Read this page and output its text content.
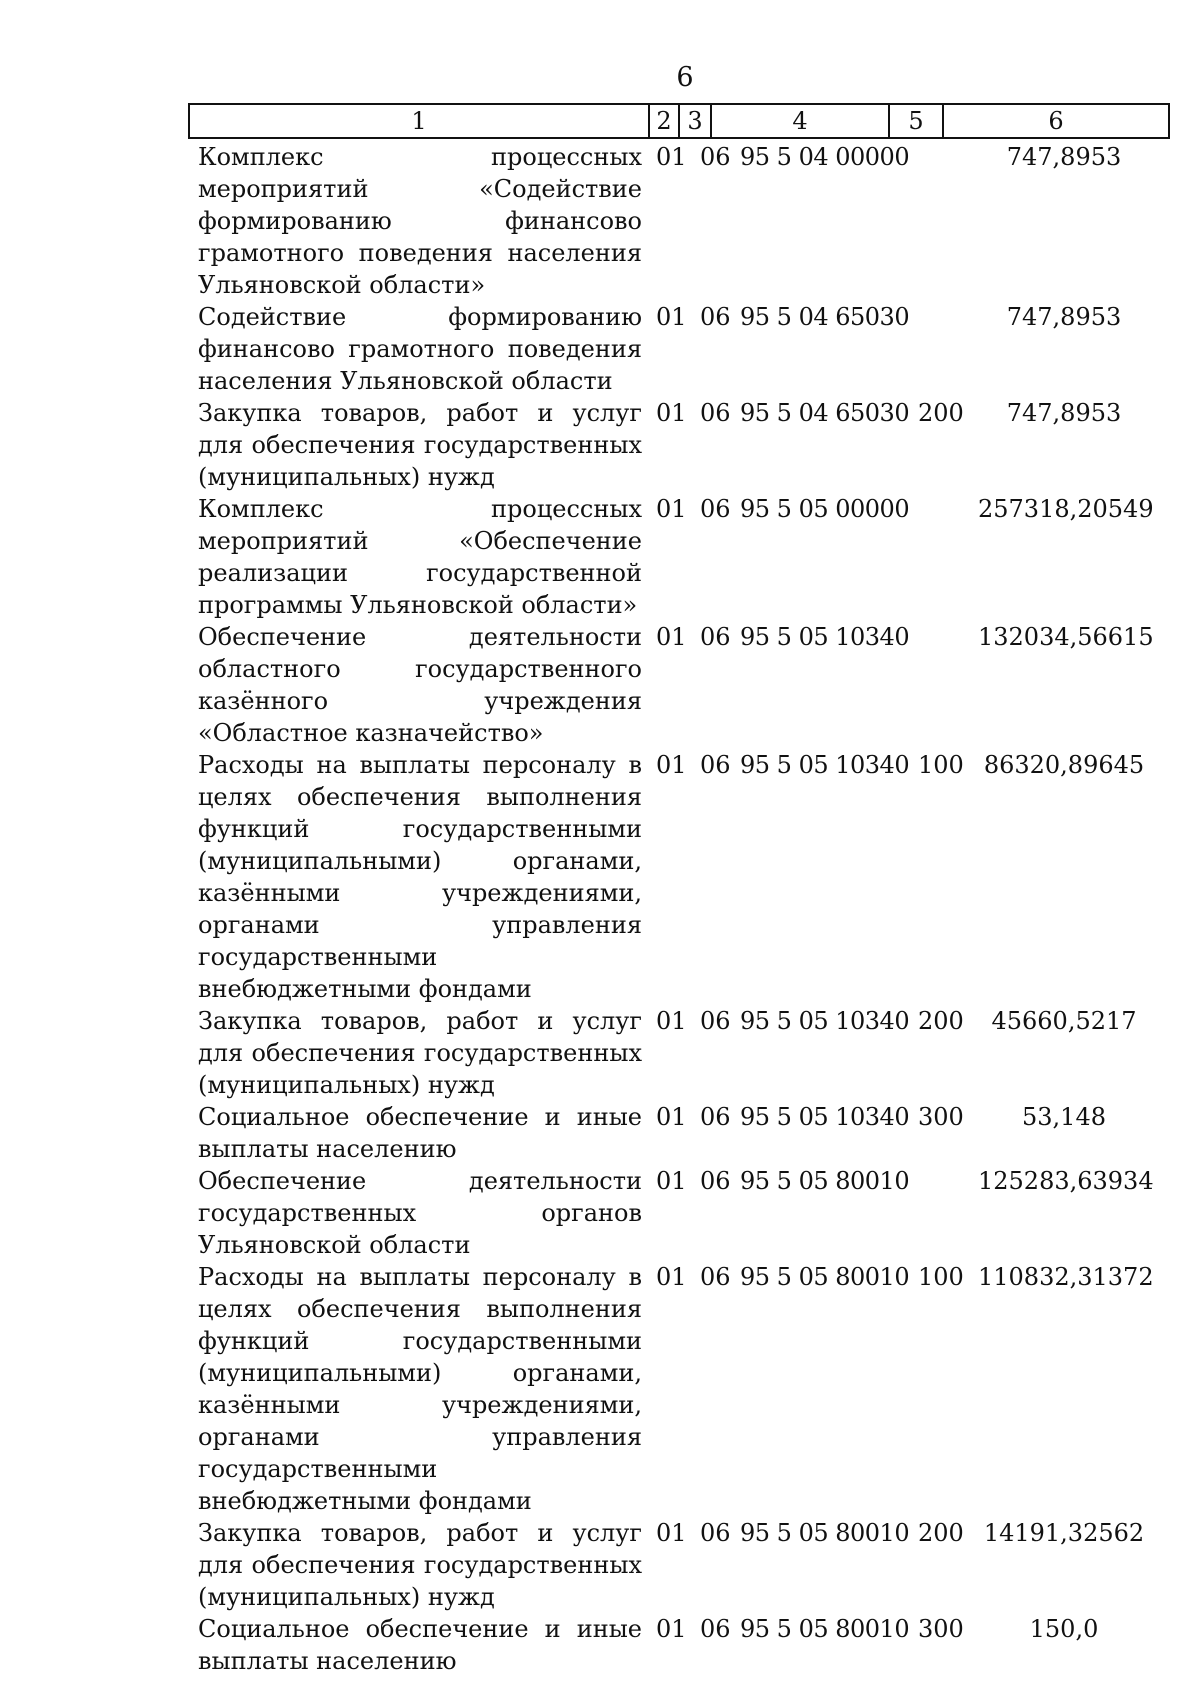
6
1	2	3	4	5	6
Комплекс процессных мероприятий «Содействие формированию финансово грамотного поведения населения Ульяновской области»
01 06 95 5 04 00000	747,8953
Содействие формированию финансово грамотного поведения населения Ульяновской области
01 06 95 5 04 65030	747,8953
Закупка товаров, работ и услуг для обеспечения государственных (муниципальных) нужд
01 06 95 5 04 65030 200	747,8953
Комплекс процессных мероприятий «Обеспечение реализации государственной программы Ульяновской области»
01 06 95 5 05 00000	257318,20549
Обеспечение деятельности областного государственного казённого учреждения «Областное казначейство»
01 06 95 5 05 10340	132034,56615
Расходы на выплаты персоналу в целях обеспечения выполнения функций государственными (муниципальными) органами, казёнными учреждениями, органами управления государственными внебюджетными фондами
01 06 95 5 05 10340 100 86320,89645
Закупка товаров, работ и услуг для обеспечения государственных (муниципальных) нужд
01 06 95 5 05 10340 200	45660,5217
Социальное обеспечение и иные выплаты населению
01 06 95 5 05 10340 300	53,148
Обеспечение деятельности государственных органов Ульяновской области
01 06 95 5 05 80010	125283,63934
Расходы на выплаты персоналу в целях обеспечения выполнения функций государственными (муниципальными) органами, казёнными учреждениями, органами управления государственными внебюджетными фондами
01 06 95 5 05 80010 100 110832,31372
Закупка товаров, работ и услуг для обеспечения государственных (муниципальных) нужд
01 06 95 5 05 80010 200 14191,32562
Социальное обеспечение и иные выплаты населению
01 06 95 5 05 80010 300	150,0
